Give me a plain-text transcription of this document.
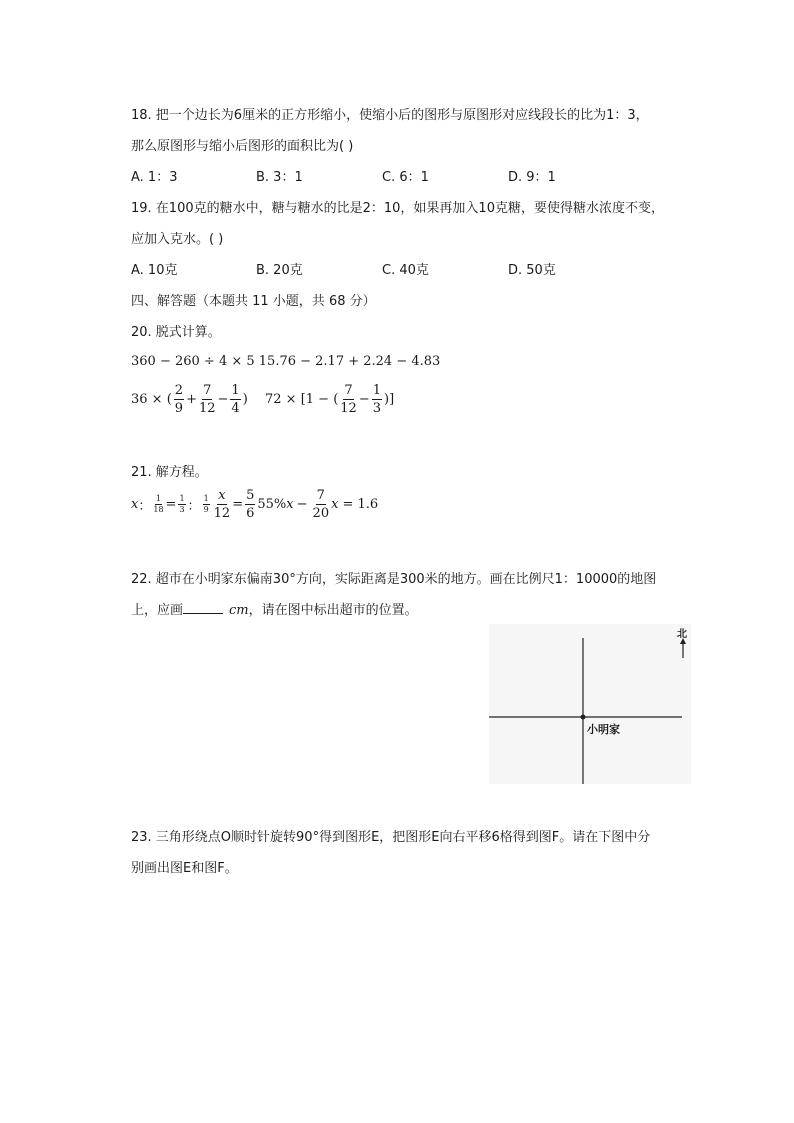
18. 把一个边长为6厘米的正方形缩小，使缩小后的图形与原图形对应线段长的比为1：3，
那么原图形与缩小后图形的面积比为( )
A. 1：3	B. 3：1	C. 6：1	D. 9：1
19. 在100克的糖水中，糖与糖水的比是2：10，如果再加入10克糖，要使得糖水浓度不变，
应加入克水。( )
A. 10克	B. 20克	C. 40克	D. 50克
四、解答题（本题共 11 小题，共 68 分）
20. 脱式计算。
360 − 260 ÷ 4 × 5 15.76 − 2.17 + 2.24 − 4.83
36 × ( $\frac{2}{9} + \frac{7}{12} - \frac{1}{4}$ ) 72 × [1 − ( $\frac{7}{12} - \frac{1}{3}$ )]
21. 解方程。
x ： $\frac{1}{18} = \frac{1}{3}$ ： $\frac{1}{9} \frac{x}{12} = \frac{5}{6} 55\%$ $x - \frac{7}{20}$ x = 1.6
22. 超市在小明家东偏南30°方向，实际距离是300米的地方。画在比例尺1：10000的地图
上，应画	cm，请在图中标出超市的位置。
北
小明家
23. 三角形绕点O顺时针旋转90°得到图形E，把图形E向右平移6格得到图F。请在下图中分
别画出图E和图F。
